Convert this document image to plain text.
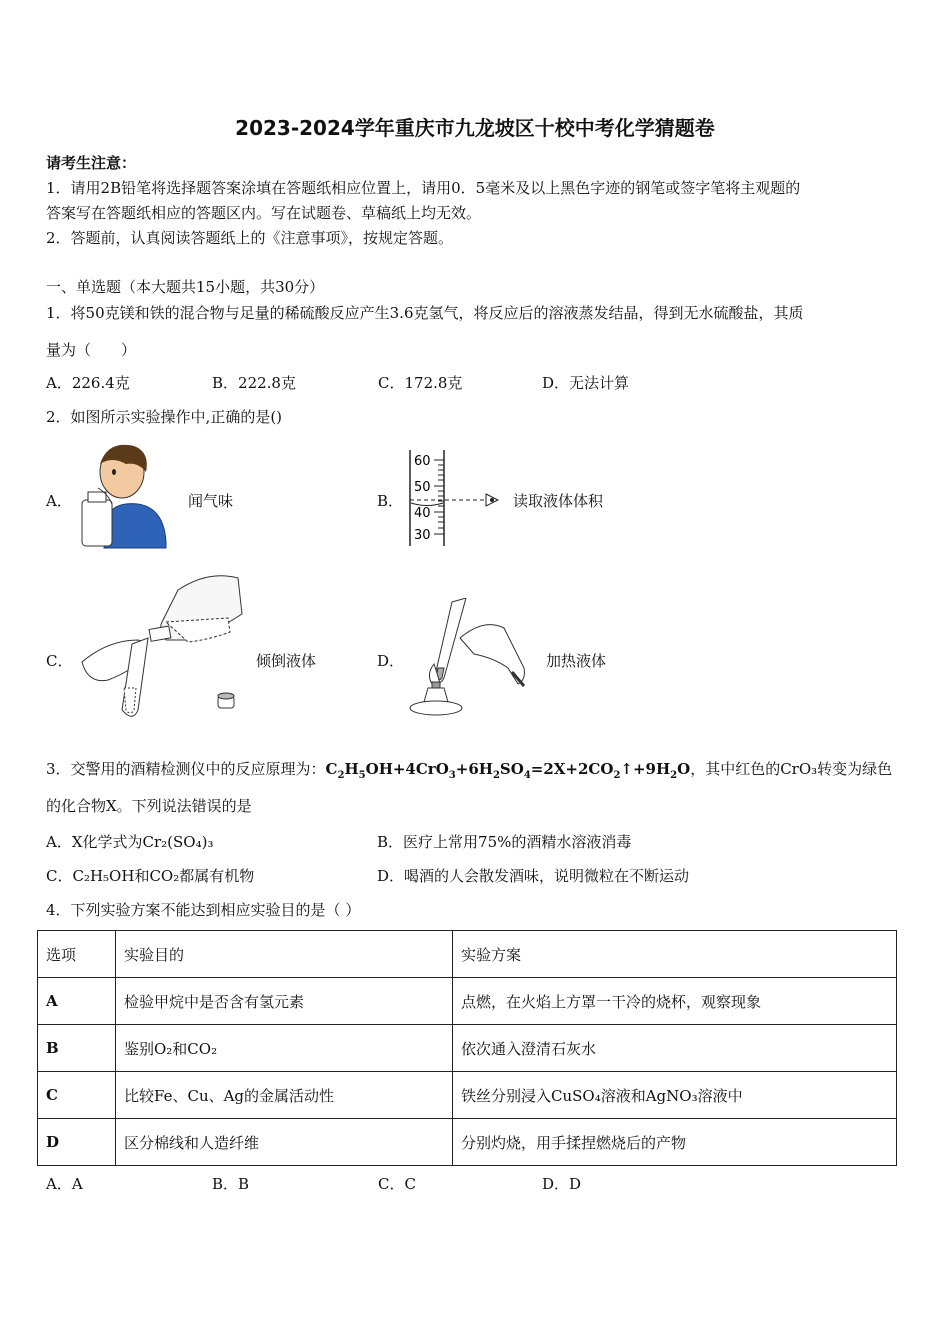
2023-2024学年重庆市九龙坡区十校中考化学猜题卷
请考生注意：
1．请用2B铅笔将选择题答案涂填在答题纸相应位置上，请用0．5毫米及以上黑色字迹的钢笔或签字笔将主观题的
答案写在答题纸相应的答题区内。写在试题卷、草稿纸上均无效。
2．答题前，认真阅读答题纸上的《注意事项》，按规定答题。
一、单选题（本大题共15小题，共30分）
1．将50克镁和铁的混合物与足量的稀硫酸反应产生3.6克氢气，将反应后的溶液蒸发结晶，得到无水硫酸盐，其质
量为（　　）
A．226.4克	B．222.8克	C．172.8克	D．无法计算
2．如图所示实验操作中,正确的是()
A．	闻气味	B．
60
50
40
30
读取液体体积
C．	倾倒液体	D．	加热液体
3．交警用的酒精检测仪中的反应原理为：$C_2H_5OH+4CrO_3+6H_2SO_4=2X+2CO_2↑+9H_2O$，其中红色的CrO₃转变为绿色
的化合物X。下列说法错误的是
A．X化学式为Cr₂(SO₄)₃	B．医疗上常用75%的酒精水溶液消毒
C．C₂H₅OH和CO₂都属有机物	D．喝酒的人会散发酒味，说明微粒在不断运动
4．下列实验方案不能达到相应实验目的是（ ）
选项	实验目的	实验方案
A	检验甲烷中是否含有氢元素	点燃，在火焰上方罩一干冷的烧杯，观察现象
B	鉴别O₂和CO₂	依次通入澄清石灰水
C	比较Fe、Cu、Ag的金属活动性	铁丝分别浸入CuSO₄溶液和AgNO₃溶液中
D	区分棉线和人造纤维	分别灼烧，用手揉捏燃烧后的产物
A．A	B．B	C．C	D．D
